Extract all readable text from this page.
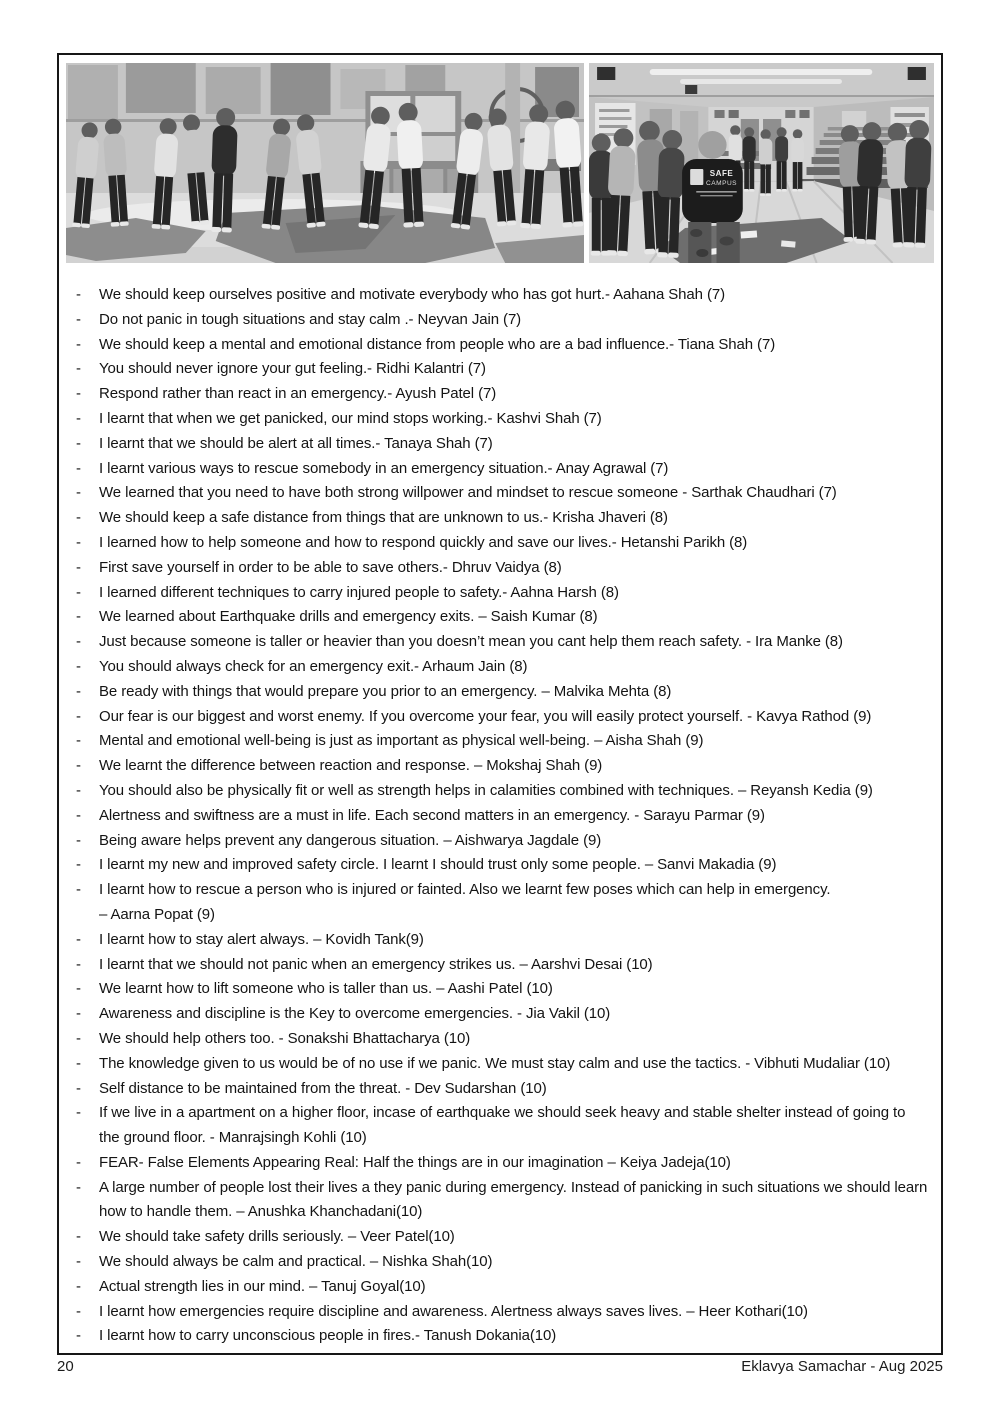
SAFE
CAMPUS
-	We should keep ourselves positive and motivate everybody who has got hurt.- Aahana Shah (7)
-	Do not panic in tough situations and stay calm .- Neyvan Jain (7)
-	We should keep a mental and emotional distance from people who are a bad influence.- Tiana Shah (7)
-	You should never ignore your gut feeling.- Ridhi Kalantri (7)
-	Respond rather than react in an emergency.- Ayush Patel (7)
-	I learnt that when we get panicked, our mind stops working.- Kashvi Shah (7)
-	I learnt that we should be alert at all times.- Tanaya Shah (7)
-	I learnt various ways to rescue somebody in an emergency situation.- Anay Agrawal (7)
-	We learned that you need to have both strong willpower and mindset to rescue someone - Sarthak Chaudhari (7)
-	We should keep a safe distance from things that are unknown to us.- Krisha Jhaveri (8)
-	I learned how to help someone and how to respond quickly and save our lives.- Hetanshi Parikh (8)
-	First save yourself in order to be able to save others.- Dhruv Vaidya (8)
-	I learned different techniques to carry injured people to safety.- Aahna Harsh (8)
-	We learned about Earthquake drills and emergency exits. – Saish Kumar (8)
-	Just because someone is taller or heavier than you doesn’t mean you cant help them reach safety. - Ira Manke (8)
-	You should always check for an emergency exit.- Arhaum Jain (8)
-	Be ready with things that would prepare you prior to an emergency. – Malvika Mehta (8)
-	Our fear is our biggest and worst enemy. If you overcome your fear, you will easily protect yourself. - Kavya Rathod (9)
-	Mental and emotional well-being is just as important as physical well-being. – Aisha Shah (9)
-	We learnt the difference between reaction and response. – Mokshaj Shah (9)
-	You should also be physically fit or well as strength helps in calamities combined with techniques. – Reyansh Kedia (9)
-	Alertness and swiftness are a must in life. Each second matters in an emergency. - Sarayu Parmar (9)
-	Being aware helps prevent any dangerous situation. – Aishwarya Jagdale (9)
-	I learnt my new and improved safety circle. I learnt I should trust only some people. – Sanvi Makadia (9)
-	I learnt how to rescue a person who is injured or fainted. Also we learnt few poses which can help in emergency. – Aarna Popat (9)
-	I learnt how to stay alert always. – Kovidh Tank(9)
-	I learnt that we should not panic when an emergency strikes us. – Aarshvi Desai (10)
-	We learnt how to lift someone who is taller than us. – Aashi Patel (10)
-	Awareness and discipline is the Key to overcome emergencies. - Jia Vakil (10)
-	We should help others too. - Sonakshi Bhattacharya (10)
-	The knowledge given to us would be of no use if we panic. We must stay calm and use the tactics. - Vibhuti Mudaliar (10)
-	Self distance to be maintained from the threat. - Dev Sudarshan (10)
-	If we live in a apartment on a higher floor, incase of earthquake we should seek heavy and stable shelter instead of going to the ground floor. - Manrajsingh Kohli (10)
-	FEAR- False Elements Appearing Real: Half the things are in our imagination – Keiya Jadeja(10)
-	A large number of people lost their lives a they panic during emergency. Instead of panicking in such situations we should learn how to handle them. – Anushka Khanchadani(10)
-	We should take safety drills seriously. – Veer Patel(10)
-	We should always be calm and practical. – Nishka Shah(10)
-	Actual strength lies in our mind. – Tanuj Goyal(10)
-	I learnt how emergencies require discipline and awareness. Alertness always saves lives. – Heer Kothari(10)
-	I learnt how to carry unconscious people in fires.- Tanush Dokania(10)
20	Eklavya Samachar - Aug 2025
